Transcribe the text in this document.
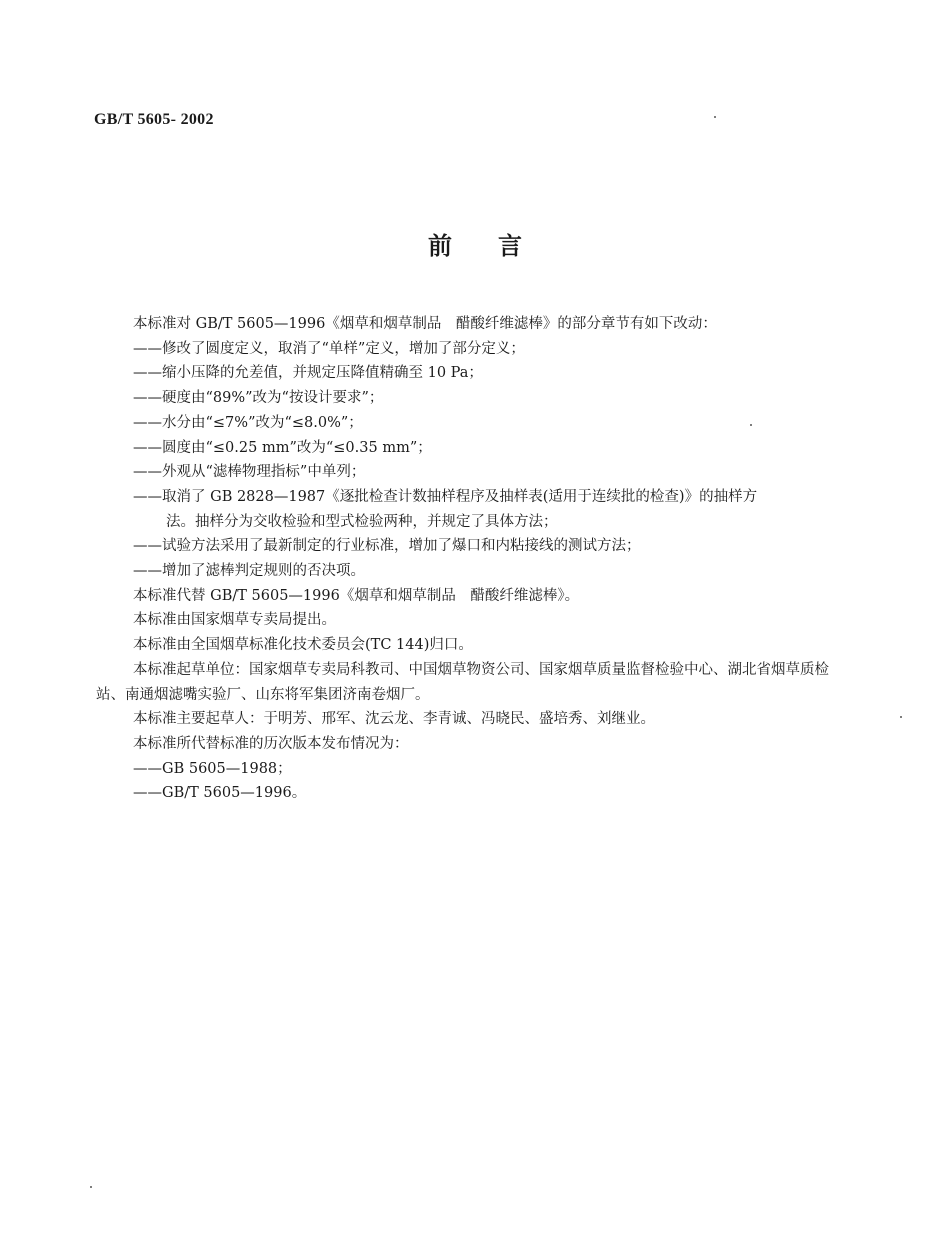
GB/T 5605- 2002
前 言
本标准对 GB/T 5605—1996《烟草和烟草制品　醋酸纤维滤棒》的部分章节有如下改动：
——修改了圆度定义，取消了“单样”定义，增加了部分定义；
——缩小压降的允差值，并规定压降值精确至 10 Pa；
——硬度由“89%”改为“按设计要求”；
——水分由“≤7%”改为“≤8.0%”；
——圆度由“≤0.25 mm”改为“≤0.35 mm”；
——外观从“滤棒物理指标”中单列；
——取消了 GB 2828—1987《逐批检查计数抽样程序及抽样表(适用于连续批的检查)》的抽样方
法。抽样分为交收检验和型式检验两种，并规定了具体方法；
——试验方法采用了最新制定的行业标准，增加了爆口和内粘接线的测试方法；
——增加了滤棒判定规则的否决项。
本标准代替 GB/T 5605—1996《烟草和烟草制品　醋酸纤维滤棒》。
本标准由国家烟草专卖局提出。
本标准由全国烟草标准化技术委员会(TC 144)归口。
本标准起草单位：国家烟草专卖局科教司、中国烟草物资公司、国家烟草质量监督检验中心、湖北省烟草质检站、南通烟滤嘴实验厂、山东将军集团济南卷烟厂。
本标准主要起草人：于明芳、邢军、沈云龙、李青诚、冯晓民、盛培秀、刘继业。
本标准所代替标准的历次版本发布情况为：
——GB 5605—1988；
——GB/T 5605—1996。
